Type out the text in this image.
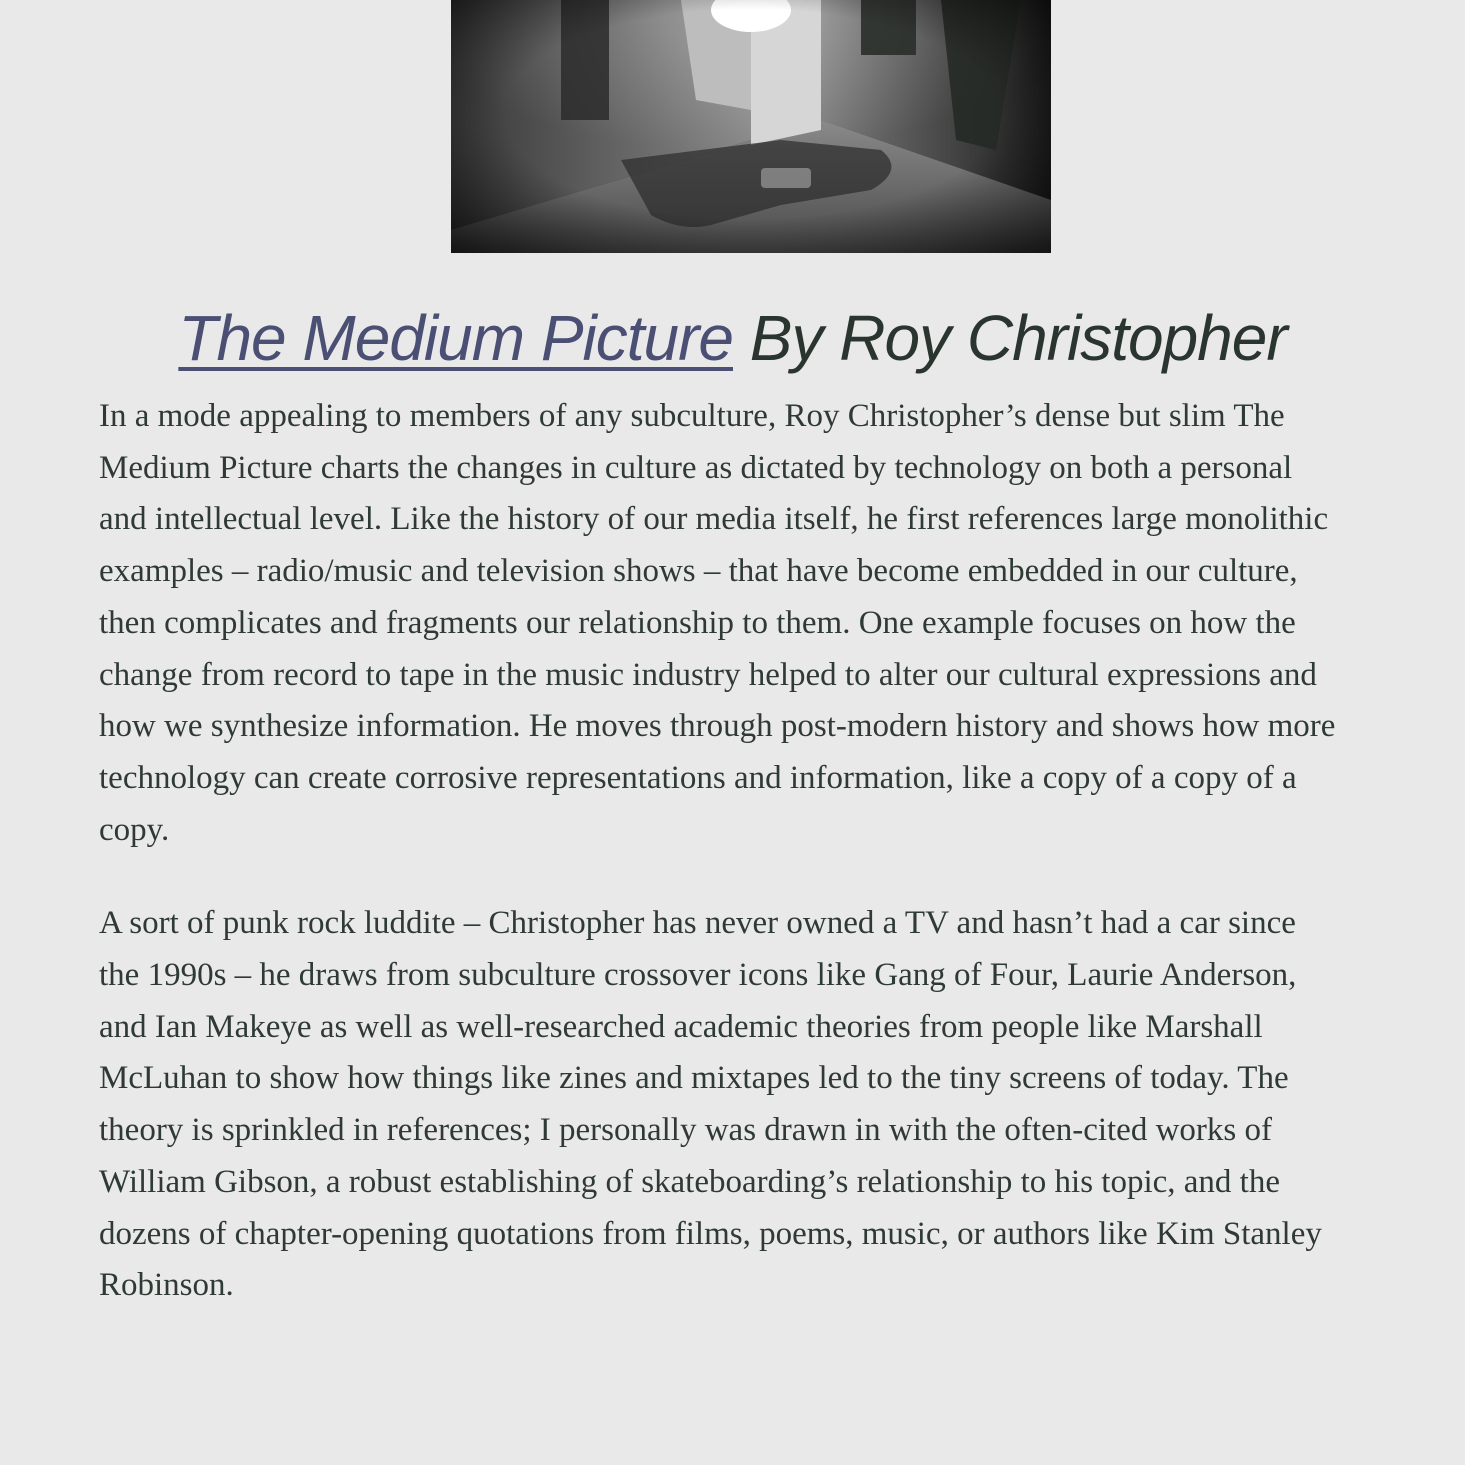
The Medium Picture By Roy Christopher

In a mode appealing to members of any subculture, Roy Christopher’s dense but slim The Medium Picture charts the changes in culture as dictated by technology on both a personal and intellectual level. Like the history of our media itself, he first references large monolithic examples – radio/music and television shows – that have become embedded in our culture, then complicates and fragments our relationship to them. One example focuses on how the change from record to tape in the music industry helped to alter our cultural expressions and how we synthesize information. He moves through post-modern history and shows how more technology can create corrosive representations and information, like a copy of a copy of a copy.

A sort of punk rock luddite – Christopher has never owned a TV and hasn’t had a car since the 1990s – he draws from subculture crossover icons like Gang of Four, Laurie Anderson, and Ian Makeye as well as well-researched academic theories from people like Marshall McLuhan to show how things like zines and mixtapes led to the tiny screens of today. The theory is sprinkled in references; I personally was drawn in with the often-cited works of William Gibson, a robust establishing of skateboarding’s relationship to his topic, and the dozens of chapter-opening quotations from films, poems, music, or authors like Kim Stanley Robinson.
